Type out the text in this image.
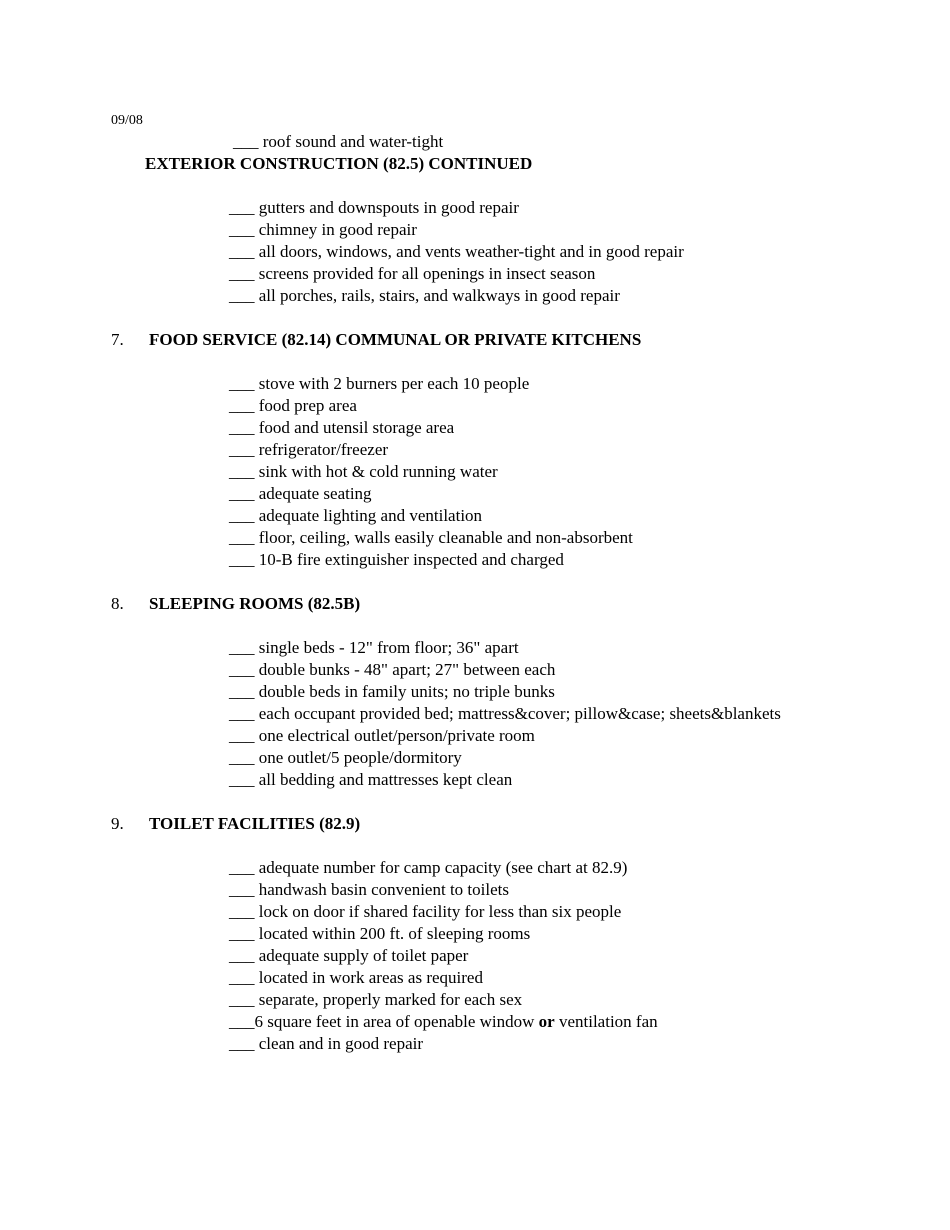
09/08
___ roof sound and water-tight
EXTERIOR CONSTRUCTION (82.5) CONTINUED
___ gutters and downspouts in good repair
___ chimney in good repair
___ all doors, windows, and vents weather-tight and in good repair
___ screens provided for all openings in insect season
___ all porches, rails, stairs, and walkways in good repair
7. FOOD SERVICE (82.14) COMMUNAL OR PRIVATE KITCHENS
___ stove with 2 burners per each 10 people
___ food prep area
___ food and utensil storage area
___ refrigerator/freezer
___ sink with hot & cold running water
___ adequate seating
___ adequate lighting and ventilation
___ floor, ceiling, walls easily cleanable and non-absorbent
___ 10-B fire extinguisher inspected and charged
8. SLEEPING ROOMS (82.5B)
___ single beds - 12" from floor; 36" apart
___ double bunks - 48" apart; 27" between each
___ double beds in family units; no triple bunks
___ each occupant provided bed; mattress&cover; pillow&case; sheets&blankets
___ one electrical outlet/person/private room
___ one outlet/5 people/dormitory
___ all bedding and mattresses kept clean
9. TOILET FACILITIES (82.9)
___ adequate number for camp capacity (see chart at 82.9)
___ handwash basin convenient to toilets
___ lock on door if shared facility for less than six people
___ located within 200 ft. of sleeping rooms
___ adequate supply of toilet paper
___ located in work areas as required
___ separate, properly marked for each sex
___6 square feet in area of openable window or ventilation fan
___ clean and in good repair
